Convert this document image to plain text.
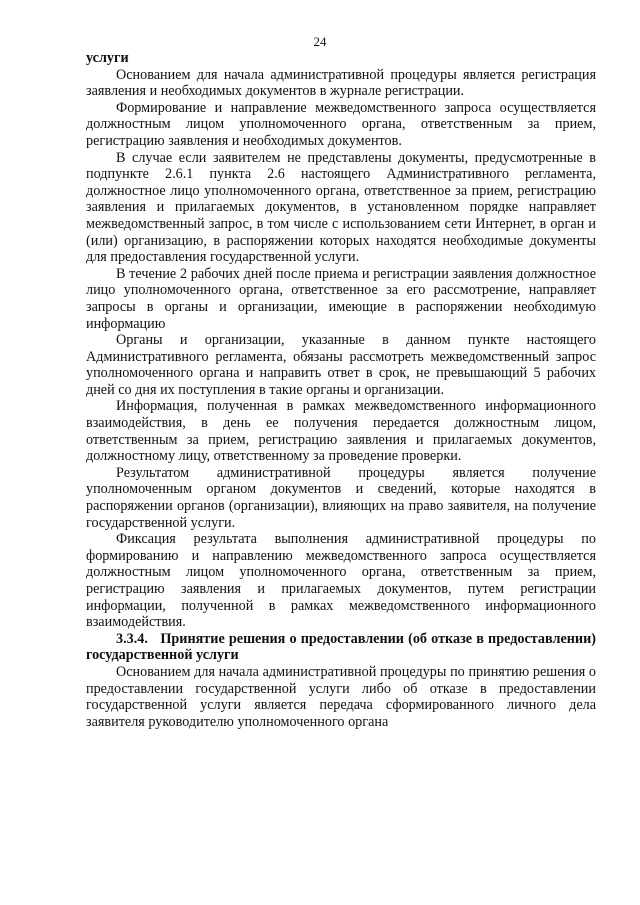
24

услуги

Основанием для начала административной процедуры является регистрация заявления и необходимых документов в журнале регистрации.

Формирование и направление межведомственного запроса осуществляется должностным лицом уполномоченного органа, ответственным за прием, регистрацию заявления и необходимых документов.

В случае если заявителем не представлены документы, предусмотренные в подпункте 2.6.1 пункта 2.6 настоящего Административного регламента, должностное лицо уполномоченного органа, ответственное за прием, регистрацию заявления и прилагаемых документов, в установленном порядке направляет межведомственный запрос, в том числе с использованием сети Интернет, в орган и (или) организацию, в распоряжении которых находятся необходимые документы для предоставления государственной услуги.

В течение 2 рабочих дней после приема и регистрации заявления должностное лицо уполномоченного органа, ответственное за его рассмотрение, направляет запросы в органы и организации, имеющие в распоряжении необходимую информацию

Органы и организации, указанные в данном пункте настоящего Административного регламента, обязаны рассмотреть межведомственный запрос уполномоченного органа и направить ответ в срок, не превышающий 5 рабочих дней со дня их поступления в такие органы и организации.

Информация, полученная в рамках межведомственного информационного взаимодействия, в день ее получения передается должностным лицом, ответственным за прием, регистрацию заявления и прилагаемых документов, должностному лицу, ответственному за проведение проверки.

Результатом административной процедуры является получение уполномоченным органом документов и сведений, которые находятся в распоряжении органов (организации), влияющих на право заявителя, на получение государственной услуги.

Фиксация результата выполнения административной процедуры по формированию и направлению межведомственного запроса осуществляется должностным лицом уполномоченного органа, ответственным за прием, регистрацию заявления и прилагаемых документов, путем регистрации информации, полученной в рамках межведомственного информационного взаимодействия.

3.3.4. Принятие решения о предоставлении (об отказе в предоставлении) государственной услуги

Основанием для начала административной процедуры по принятию решения о предоставлении государственной услуги либо об отказе в предоставлении государственной услуги является передача сформированного личного дела заявителя руководителю уполномоченного органа
